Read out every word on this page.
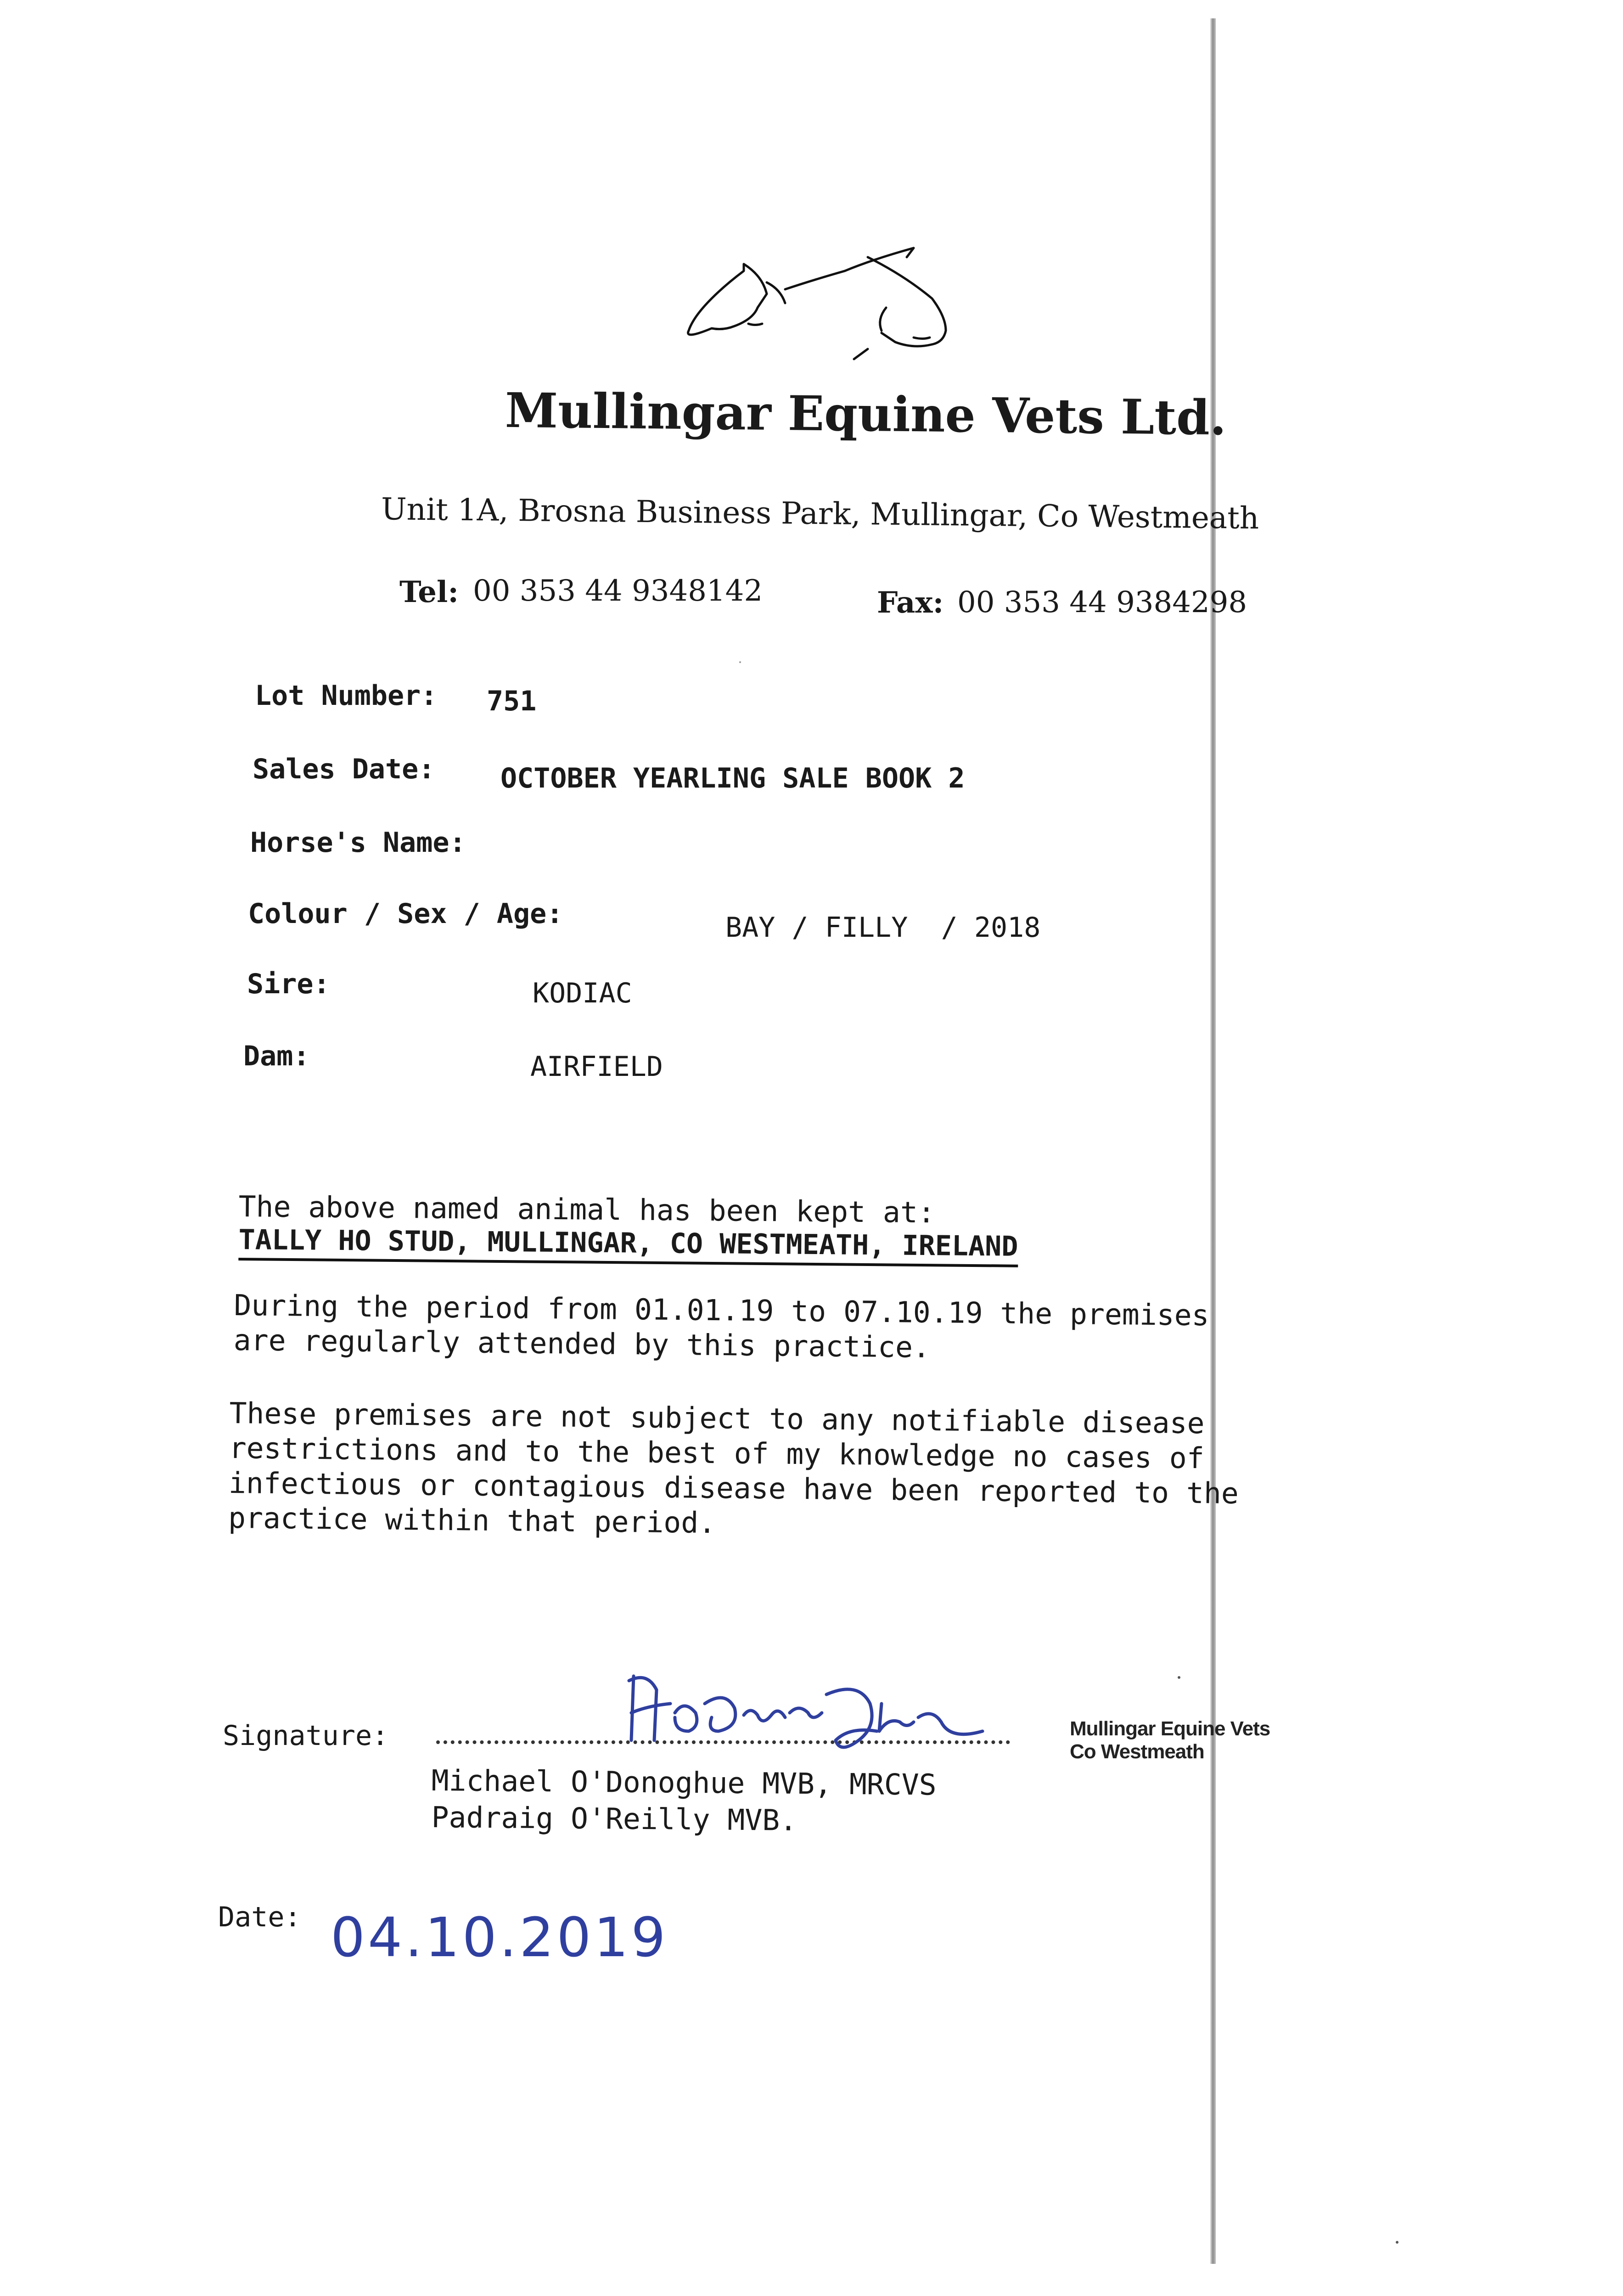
Mullingar Equine Vets Ltd.
Unit 1A, Brosna Business Park, Mullingar, Co Westmeath
Tel: 00 353 44 9348142	Fax: 00 353 44 9384298
Lot Number: 751
Sales Date: OCTOBER YEARLING SALE BOOK 2
Horse's Name:
Colour / Sex / Age:	BAY / FILLY  / 2018
Sire:	KODIAC
Dam:	AIRFIELD
The above named animal has been kept at:
TALLY HO STUD, MULLINGAR, CO WESTMEATH, IRELAND
During the period from 01.01.19 to 07.10.19 the premises
are regularly attended by this practice.
These premises are not subject to any notifiable disease
restrictions and to the best of my knowledge no cases of
infectious or contagious disease have been reported to the
practice within that period.
Signature:	Mullingar Equine Vets
Co Westmeath
Michael O'Donoghue MVB, MRCVS
Padraig O'Reilly MVB.
Date: 04.10.2019
